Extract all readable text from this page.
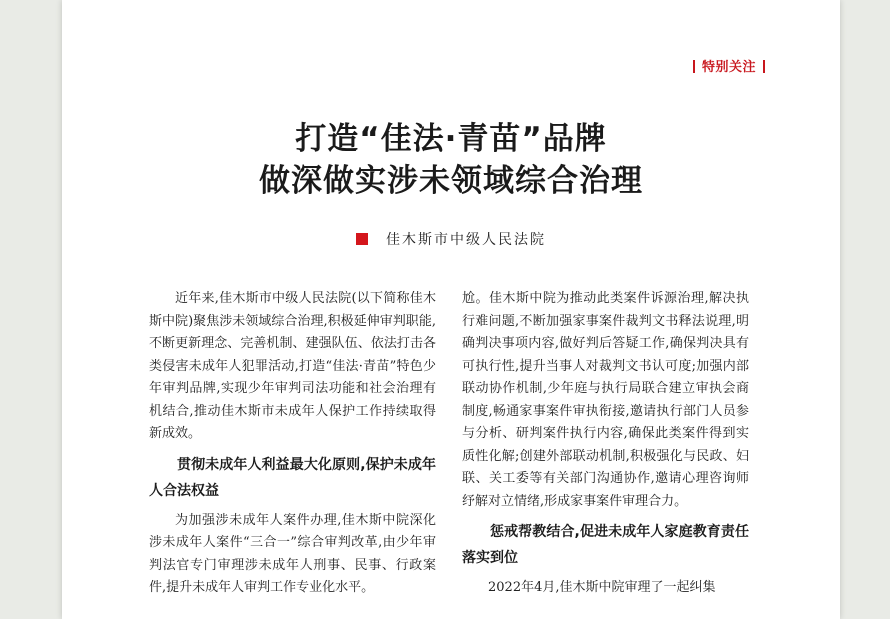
特别关注
打造“佳法·青苗”品牌
做深做实涉未领域综合治理
佳木斯市中级人民法院

近年来,佳木斯市中级人民法院(以下简称佳木斯中院)聚焦涉未领域综合治理,积极延伸审判职能,不断更新理念、完善机制、建强队伍、依法打击各类侵害未成年人犯罪活动,打造“佳法·青苗”特色少年审判品牌,实现少年审判司法功能和社会治理有机结合,推动佳木斯市未成年人保护工作持续取得新成效。

贯彻未成年人利益最大化原则,保护未成年人合法权益

为加强涉未成年人案件办理,佳木斯中院深化涉未成年人案件“三合一”综合审判改革,由少年审判法官专门审理涉未成年人刑事、民事、行政案件,提升未成年人审判工作专业化水平。

尬。佳木斯中院为推动此类案件诉源治理,解决执行难问题,不断加强家事案件裁判文书释法说理,明确判决事项内容,做好判后答疑工作,确保判决具有可执行性,提升当事人对裁判文书认可度;加强内部联动协作机制,少年庭与执行局联合建立审执会商制度,畅通家事案件审执衔接,邀请执行部门人员参与分析、研判案件执行内容,确保此类案件得到实质性化解;创建外部联动机制,积极强化与民政、妇联、关工委等有关部门沟通协作,邀请心理咨询师纾解对立情绪,形成家事案件审理合力。

惩戒帮教结合,促进未成年人家庭教育责任落实到位

2022年4月,佳木斯中院审理了一起纠集
